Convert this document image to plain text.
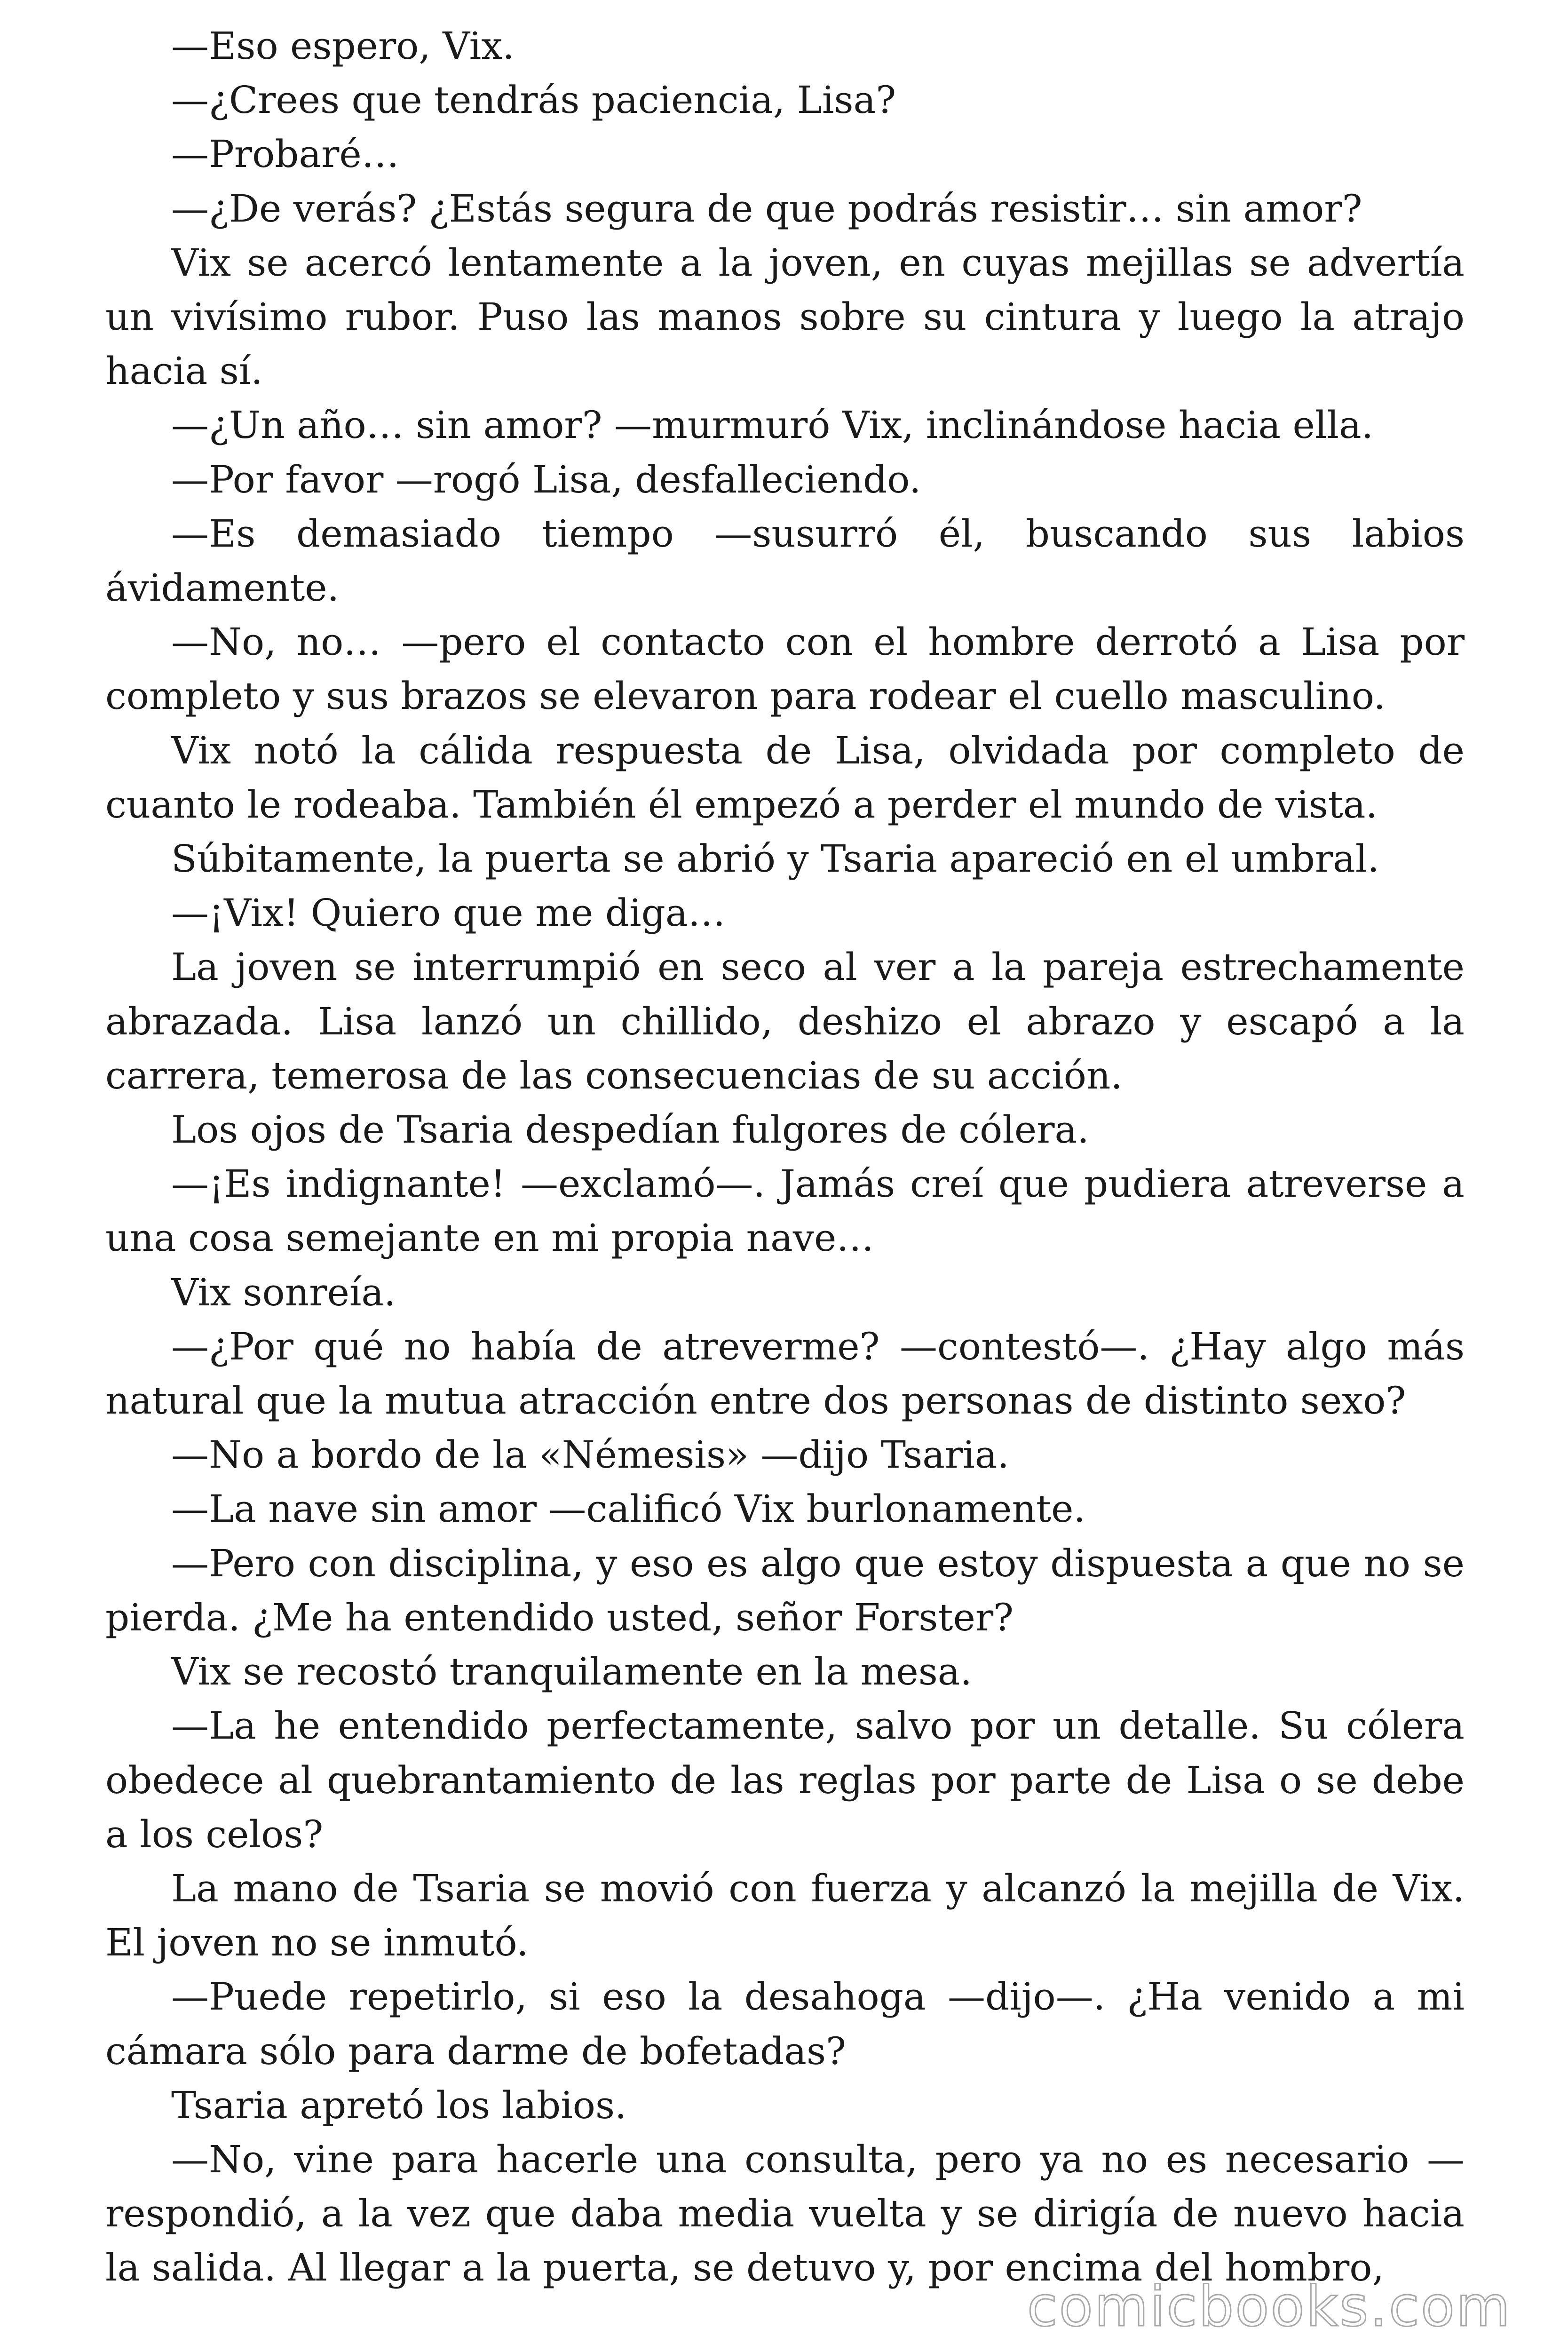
—Eso espero, Vix.

—¿Crees que tendrás paciencia, Lisa?

—Probaré…

—¿De verás? ¿Estás segura de que podrás resistir… sin amor?

Vix se acercó lentamente a la joven, en cuyas mejillas se advertía un vivísimo rubor. Puso las manos sobre su cintura y luego la atrajo hacia sí.

—¿Un año… sin amor? —murmuró Vix, inclinándose hacia ella.

—Por favor —rogó Lisa, desfalleciendo.

—Es demasiado tiempo —susurró él, buscando sus labios ávidamente.

—No, no… —pero el contacto con el hombre derrotó a Lisa por completo y sus brazos se elevaron para rodear el cuello masculino.

Vix notó la cálida respuesta de Lisa, olvidada por completo de cuanto le rodeaba. También él empezó a perder el mundo de vista.

Súbitamente, la puerta se abrió y Tsaria apareció en el umbral.

—¡Vix! Quiero que me diga…

La joven se interrumpió en seco al ver a la pareja estrechamente abrazada. Lisa lanzó un chillido, deshizo el abrazo y escapó a la carrera, temerosa de las consecuencias de su acción.

Los ojos de Tsaria despedían fulgores de cólera.

—¡Es indignante! —exclamó—. Jamás creí que pudiera atreverse a una cosa semejante en mi propia nave…

Vix sonreía.

—¿Por qué no había de atreverme? —contestó—. ¿Hay algo más natural que la mutua atracción entre dos personas de distinto sexo?

—No a bordo de la «Némesis» —dijo Tsaria.

—La nave sin amor —calificó Vix burlonamente.

—Pero con disciplina, y eso es algo que estoy dispuesta a que no se pierda. ¿Me ha entendido usted, señor Forster?

Vix se recostó tranquilamente en la mesa.

—La he entendido perfectamente, salvo por un detalle. Su cólera obedece al quebrantamiento de las reglas por parte de Lisa o se debe a los celos?

La mano de Tsaria se movió con fuerza y alcanzó la mejilla de Vix. El joven no se inmutó.

—Puede repetirlo, si eso la desahoga —dijo—. ¿Ha venido a mi cámara sólo para darme de bofetadas?

Tsaria apretó los labios.

—No, vine para hacerle una consulta, pero ya no es necesario —respondió, a la vez que daba media vuelta y se dirigía de nuevo hacia la salida. Al llegar a la puerta, se detuvo y, por encima del hombro,

comicbooks.com
